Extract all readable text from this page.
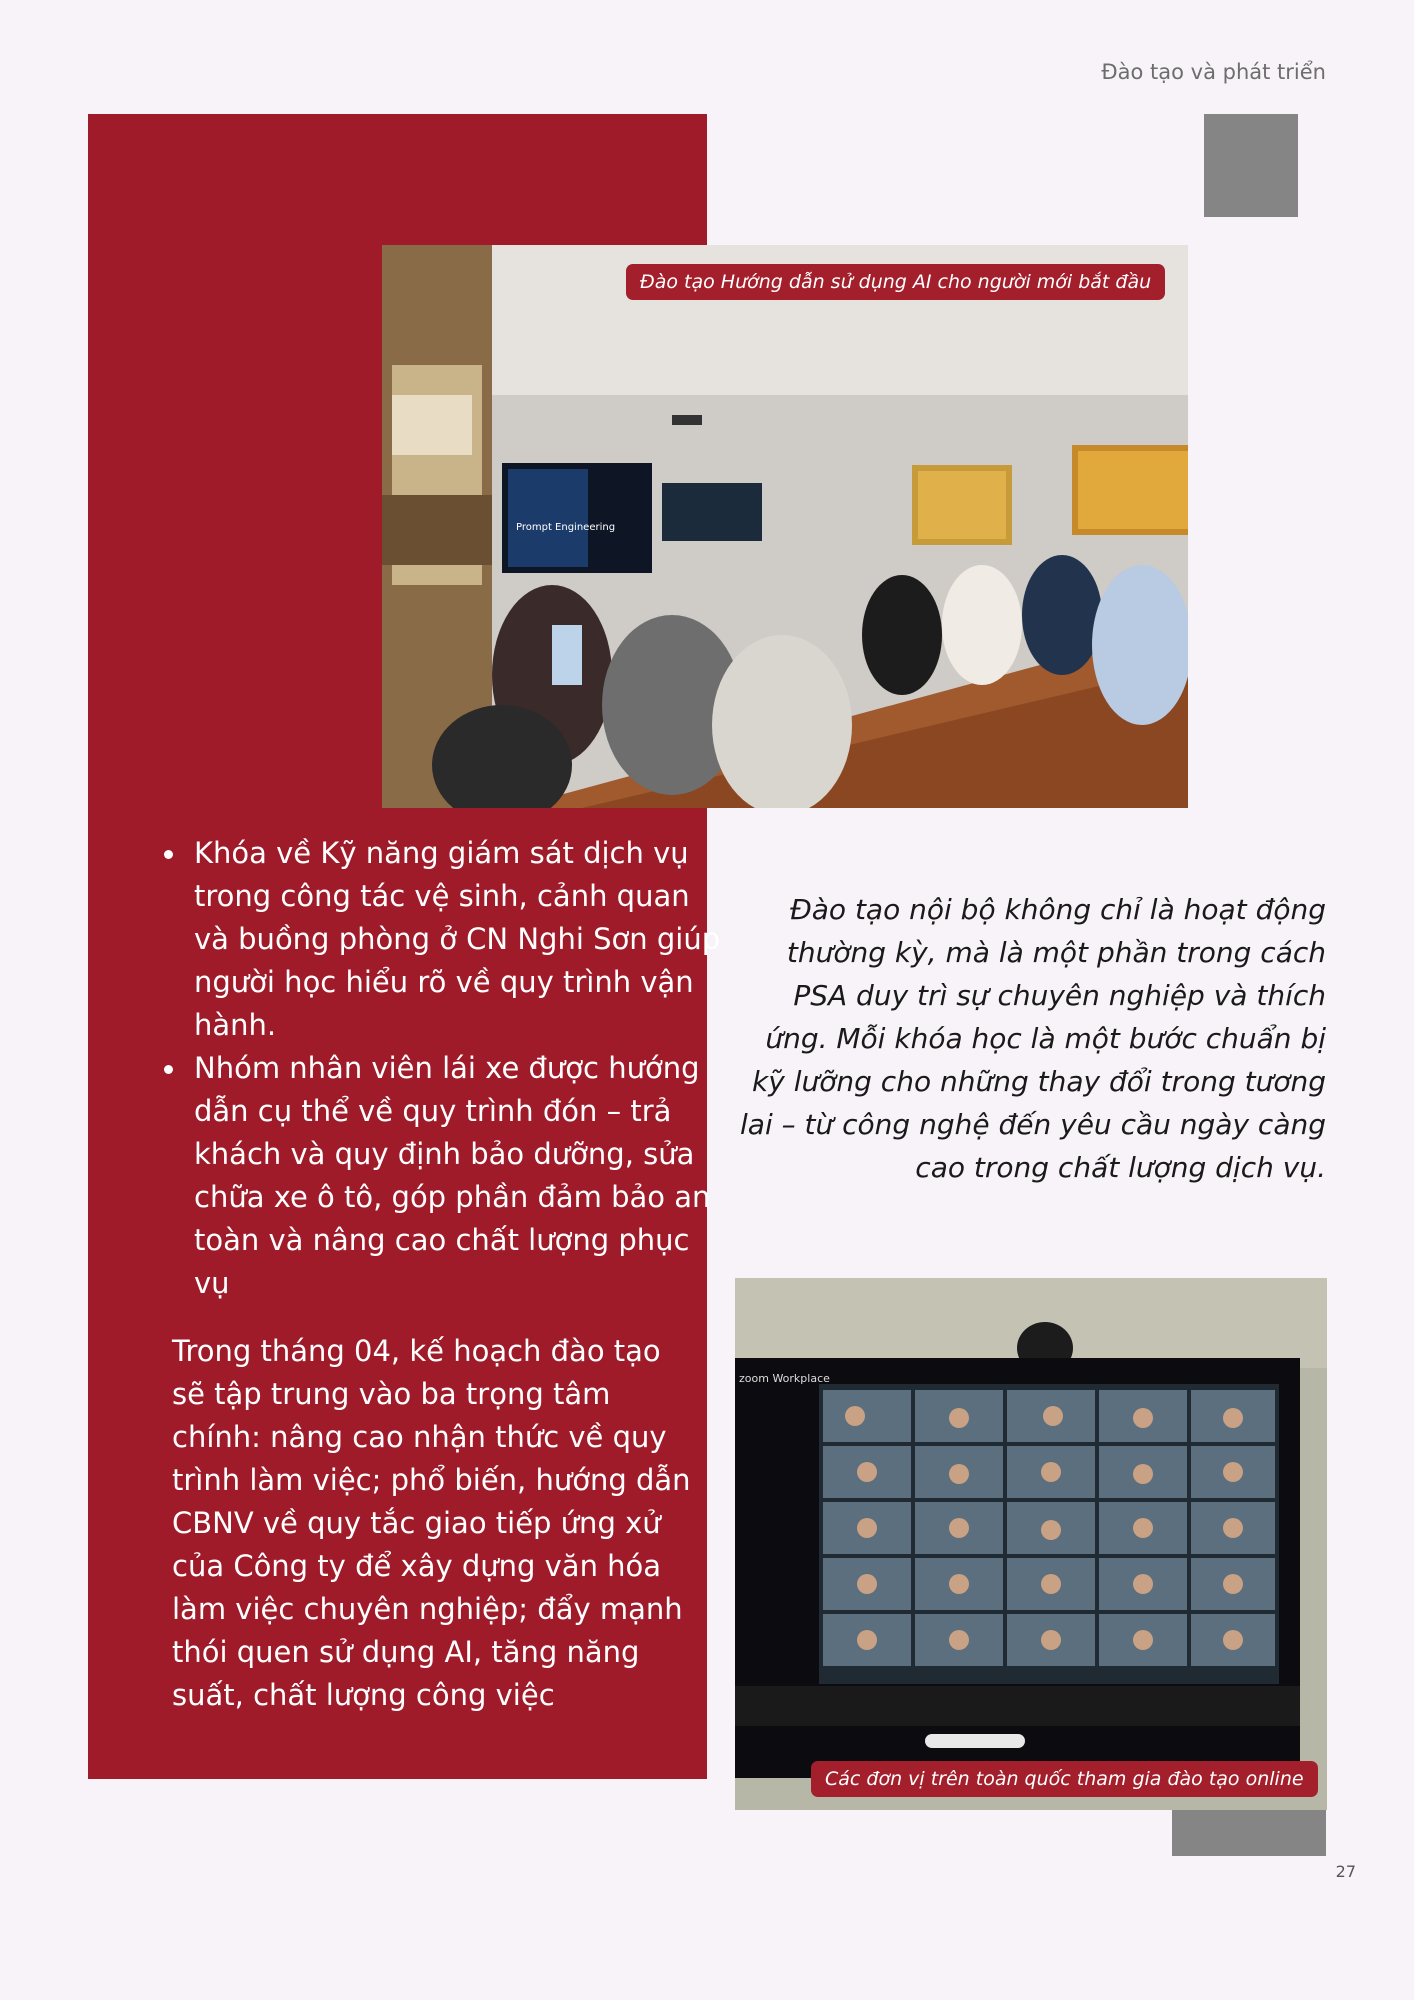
Đào tạo và phát triển
Prompt Engineering
Đào tạo Hướng dẫn sử dụng AI cho người mới bắt đầu
Khóa về Kỹ năng giám sát dịch vụ trong công tác vệ sinh, cảnh quan và buồng phòng ở CN Nghi Sơn giúp người học hiểu rõ về quy trình vận hành.
Nhóm nhân viên lái xe được hướng dẫn cụ thể về quy trình đón – trả khách và quy định bảo dưỡng, sửa chữa xe ô tô, góp phần đảm bảo an toàn và nâng cao chất lượng phục vụ
Trong tháng 04, kế hoạch đào tạo sẽ tập trung vào ba trọng tâm chính: nâng cao nhận thức về quy trình làm việc; phổ biến, hướng dẫn CBNV về quy tắc giao tiếp ứng xử của Công ty để xây dựng văn hóa làm việc chuyên nghiệp; đẩy mạnh thói quen sử dụng AI, tăng năng suất, chất lượng công việc
Đào tạo nội bộ không chỉ là hoạt động thường kỳ, mà là một phần trong cách PSA duy trì sự chuyên nghiệp và thích ứng. Mỗi khóa học là một bước chuẩn bị kỹ lưỡng cho những thay đổi trong tương lai – từ công nghệ đến yêu cầu ngày càng cao trong chất lượng dịch vụ.
zoom Workplace
Các đơn vị trên toàn quốc tham gia đào tạo online
27
